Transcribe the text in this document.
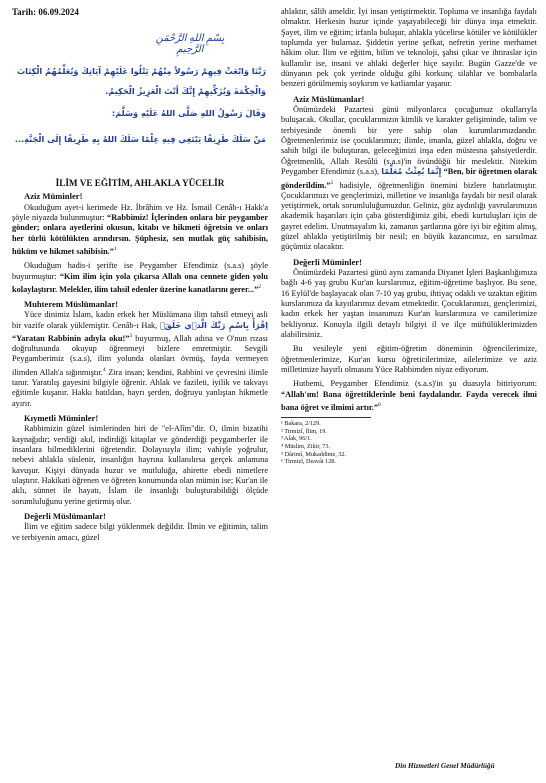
Tarih: 06.09.2024
بِسْمِ اللهِ الرَّحْمَنِ الرَّحِيمِ
رَبَّنَا وَابْعَثْ فِيهِمْ رَسُولاً مِنْهُمْ يَتْلُوا عَلَيْهِمْ آيَاتِكَ وَيُعَلِّمُهُمُ الْكِتَابَ
وَالْحِكْمَةَ وَيُزَكِّيهِمْ إِنَّكَ أَنْتَ الْعَزِيزُ الْحَكِيمُ.
وَقَالَ رَسُولُ اللهِ صَلَّى اللهُ عَلَيْهِ وَسَلَّمَ:
مَنْ سَلَكَ طَرِيقًا يَبْتَغِي فِيهِ عِلْمًا سَلَكَ اللهُ بِهِ طَرِيقًا إِلَى الْجَنَّةِ...
İLİM VE EĞİTİM, AHLAKLA YÜCELİR
Aziz Müminler!

Okuduğum ayet-i kerimede Hz. İbrâhim ve Hz. İsmail Cenâb-ı Hakk'a şöyle niyazda bulunmuştur: “Rabbimiz! İçlerinden onlara bir peygamber gönder; onlara ayetlerini okusun, kitabı ve hikmeti öğretsin ve onları her türlü kötülükten arındırsın. Şüphesiz, sen mutlak güç sahibisin, hüküm ve hikmet sahibisin.”$^1$

Okuduğum hadis-i şerifte ise Peygamber Efendimiz (s.a.s) şöyle buyurmuştur: “Kim ilim için yola çıkarsa Allah ona cennete giden yolu kolaylaştırır. Melekler, ilim tahsil edenler üzerine kanatlarını gerer...”$^2$

Muhterem Müslümanlar!

Yüce dinimiz İslam, kadın erkek her Müslümana ilim tahsil etmeyi asli bir vazife olarak yüklemiştir. Cenâb-ı Hak, اِقْرَأْ بِاسْمِ رَبِّكَ الَّذ۪ي خَلَقَۚ “Yaratan Rabbinin adıyla oku!”$^3$ buyurmuş, Allah adına ve O'nun rızası doğrultusunda okuyup öğrenmeyi bizlere emretmiştir. Sevgili Peygamberimiz (s.a.s), ilim yolunda olanları övmüş, fayda vermeyen ilimden Allah'a sığınmıştır.$^4$ Zira insan; kendini, Rabbini ve çevresini ilimle tanır. Yaratılış gayesini bilgiyle öğrenir. Ahlak ve fazileti, iyilik ve takvayı eğitimle kuşanır. Hakkı batıldan, hayrı şerden, doğruyu yanlıştan hikmetle ayırır.

Kıymetli Müminler!

Rabbimizin güzel isimlerinden biri de "el-Alîm"dir. O, ilmin bizatihi kaynağıdır; verdiği akıl, indirdiği kitaplar ve gönderdiği peygamberler ile insanlara bilmediklerini öğretendir. Dolayısıyla ilim; vahiyle yoğrulur, nebevi ahlakla süslenir, insanlığın hayrına kullanılırsa gerçek anlamına kavuşur. Kişiyi dünyada huzur ve mutluluğa, ahirette ebedi nimetlere ulaştırır. Hakikati öğrenen ve öğreten konumunda olan mümin ise; Kur'an ile aklı, sünnet ile hayatı, İslam ile insanlığı buluşturabildiği ölçüde sorumluluğunu yerine getirmiş olur.

Değerli Müslümanlar!

İlim ve eğitim sadece bilgi yüklenmek değildir. İlmin ve eğitimin, talim ve terbiyenin amacı, güzel

ahlaktır, sâlih ameldir. İyi insan yetiştirmektir. Topluma ve insanlığa faydalı olmaktır. Herkesin huzur içinde yaşayabileceği bir dünya inşa etmektir. Şayet, ilim ve eğitim; irfanla buluşur, ahlakla yücelirse kötüler ve kötülükler toplumda yer bulamaz. Şiddetin yerine şefkat, nefretin yerine merhamet hâkim olur. İlim ve eğitim, bilim ve teknoloji, şahsi çıkar ve ihtiraslar için kullanılır ise, insani ve ahlaki değerler hiçe sayılır. Bugün Gazze'de ve dünyanın pek çok yerinde olduğu gibi korkunç silahlar ve bombalarla benzeri görülmemiş soykırım ve katliamlar yaşanır.

Aziz Müslümanlar!

Önümüzdeki Pazartesi günü milyonlarca çocuğumuz okullarıyla buluşacak. Okullar, çocuklarımızın kimlik ve karakter gelişiminde, talim ve terbiyesinde önemli bir yere sahip olan kurumlarımızdandır. Öğretmenlerimiz ise çocuklarımızı; ilimle, imanla, güzel ahlakla, doğru ve sahih bilgi ile buluşturan, geleceğimizi inşa eden müstesna şahsiyetlerdir. Öğretmenlik, Allah Resûlü (s.a.s)'in övündüğü bir meslektir. Nitekim Peygamber Efendimiz (s.a.s), إِنَّمَا بُعِثْتُ مُعَلِّمًا “Ben, bir öğretmen olarak gönderildim.”$^5$ hadisiyle, öğretmenliğin önemini bizlere hatırlatmıştır. Çocuklarımızı ve gençlerimizi, milletine ve insanlığa faydalı bir nesil olarak yetiştirmek, ortak sorumluluğumuzdur. Geliniz, göz aydınlığı yavrularımızın akademik başarıları için çaba gösterdiğimiz gibi, ebedi kurtuluşları için de gayret edelim. Unutmayalım ki, zamanın şartlarına göre iyi bir eğitim almış, güzel ahlakla yetiştirilmiş bir nesil; en büyük kazancımız, en sarsılmaz güçümüz olacaktır.

Değerli Müminler!

Önümüzdeki Pazartesi günü aynı zamanda Diyanet İşleri Başkanlığımıza bağlı 4-6 yaş grubu Kur'an kurslarımız, eğitim-öğretime başlıyor. Bu sene, 16 Eylül'de başlayacak olan 7-10 yaş grubu, ihtiyaç odaklı ve uzaktan eğitim kurslarımıza da kayıtlarımız devam etmektedir. Çocuklarımızı, gençlerimizi, kadın erkek her yaştan insanımızı Kur'an kurslarımıza ve camilerimize bekliyoruz. Konuyla ilgili detaylı bilgiyi il ve ilçe müftülüklerimizden alabilirsiniz.

Bu vesileyle yeni eğitim-öğretim döneminin öğrencilerimize, öğretmenlerimize, Kur'an kursu öğreticilerimize, ailelerimize ve aziz milletimize hayırlı olmasını Yüce Rabbimden niyaz ediyorum.

Hutbemi, Peygamber Efendimiz (s.a.s)'in şu duasıyla bitiriyorum: “Allah'ım! Bana öğrettiklerinle beni faydalandır. Fayda verecek ilmi bana öğret ve ilmimi artır.”$^6$

¹ Bakara, 2/129.
² Tirmizî, İlim, 19.
³ Alak, 96/1.
⁴ Müslim, Zikir, 73.
⁵ Dârimî, Mukaddime, 32.
⁶ Tirmizî, Deavât 128.
Din Hizmetleri Genel Müdürlüğü
